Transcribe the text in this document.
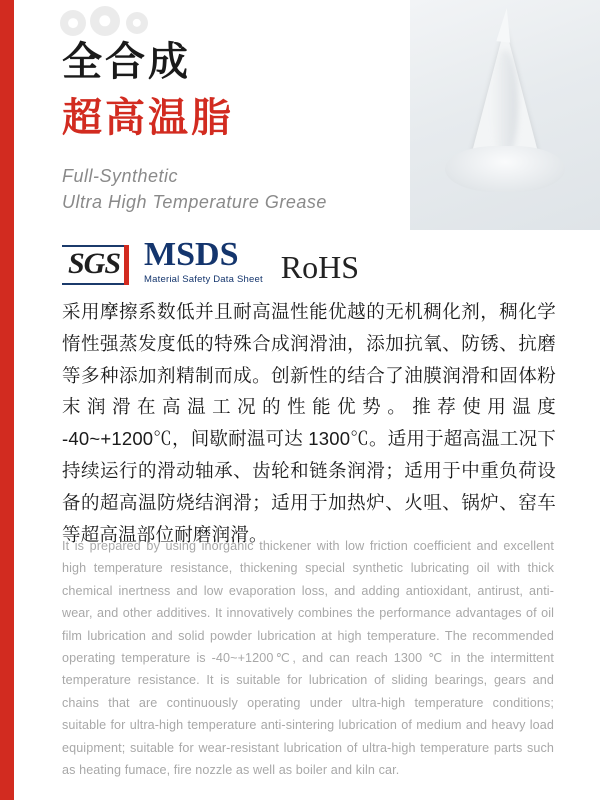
全合成
超高温脂
Full-Synthetic
Ultra High Temperature Grease
SGS MSDS
Material Safety Data Sheet RoHS
采用摩擦系数低并且耐高温性能优越的无机稠化剂，稠化学惰性强蒸发度低的特殊合成润滑油，添加抗氧、防锈、抗磨等多种添加剂精制而成。创新性的结合了油膜润滑和固体粉末润滑在高温工况的性能优势。推荐使用温度 -40~+1200℃，间歇耐温可达 1300℃。适用于超高温工况下持续运行的滑动轴承、齿轮和链条润滑；适用于中重负荷设备的超高温防烧结润滑；适用于加热炉、火咀、锅炉、窑车等超高温部位耐磨润滑。
It is prepared by using inorganic thickener with low friction coefficient and excellent high temperature resistance, thickening special synthetic lubricating oil with thick chemical inertness and low evaporation loss, and adding antioxidant, antirust, anti-wear, and other additives. It innovatively combines the performance advantages of oil film lubrication and solid powder lubrication at high temperature. The recommended operating temperature is -40~+1200℃, and can reach 1300 ℃ in the intermittent temperature resistance. It is suitable for lubrication of sliding bearings, gears and chains that are continuously operating under ultra-high temperature conditions; suitable for ultra-high temperature anti-sintering lubrication of medium and heavy load equipment; suitable for wear-resistant lubrication of ultra-high temperature parts such as heating fumace, fire nozzle as well as boiler and kiln car.
